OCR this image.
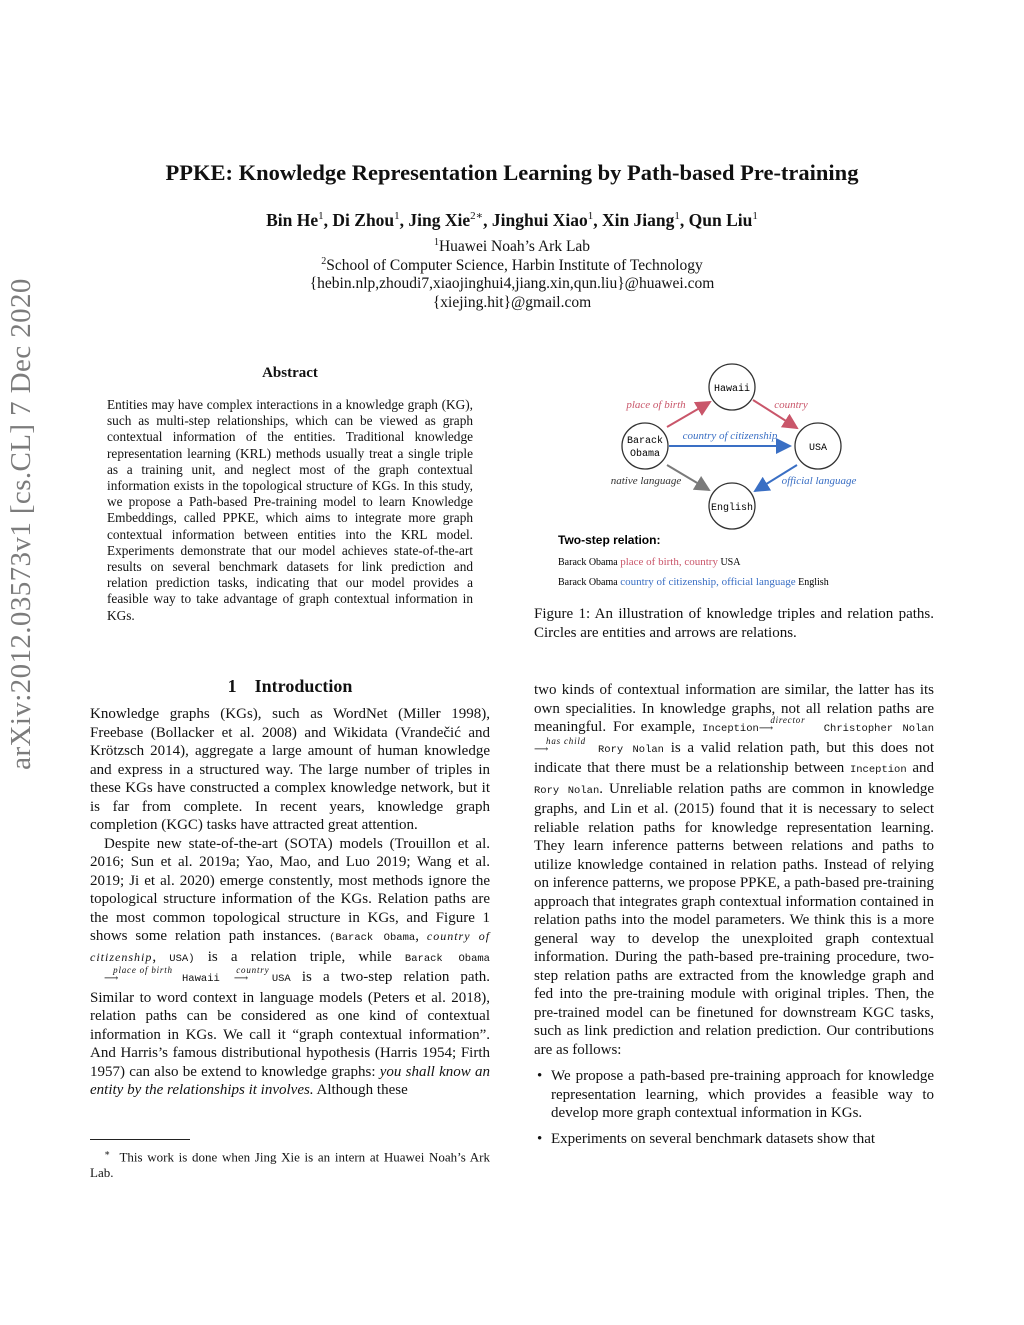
arXiv:2012.03573v1 [cs.CL] 7 Dec 2020
PPKE: Knowledge Representation Learning by Path-based Pre-training
Bin He$^1$, Di Zhou$^1$, Jing Xie$^{2∗}$, Jinghui Xiao$^1$, Xin Jiang$^1$, Qun Liu$^1$
$^1$Huawei Noah’s Ark Lab
$^2$School of Computer Science, Harbin Institute of Technology
{hebin.nlp,zhoudi7,xiaojinghui4,jiang.xin,qun.liu}@huawei.com
{xiejing.hit}@gmail.com
Abstract
Entities may have complex interactions in a knowledge graph (KG), such as multi-step relationships, which can be viewed as graph contextual information of the entities. Traditional knowledge representation learning (KRL) methods usually treat a single triple as a training unit, and neglect most of the graph contextual information exists in the topological structure of KGs. In this study, we propose a Path-based Pre-training model to learn Knowledge Embeddings, called PPKE, which aims to integrate more graph contextual information between entities into the KRL model. Experiments demonstrate that our model achieves state-of-the-art results on several benchmark datasets for link prediction and relation prediction tasks, indicating that our model provides a feasible way to take advantage of graph contextual information in KGs.
1 Introduction

Knowledge graphs (KGs), such as WordNet (Miller 1998), Freebase (Bollacker et al. 2008) and Wikidata (Vrandečić and Krötzsch 2014), aggregate a large amount of human knowledge and express in a structured way. The large number of triples in these KGs have constructed a complex knowledge network, but it is far from complete. In recent years, knowledge graph completion (KGC) tasks have attracted great attention.

Despite new state-of-the-art (SOTA) models (Trouillon et al. 2016; Sun et al. 2019a; Yao, Mao, and Luo 2019; Wang et al. 2019; Ji et al. 2020) emerge constently, most methods ignore the topological structure information of the KGs. Relation paths are the most common topological structure in KGs, and Figure 1 shows some relation path instances. (Barack Obama, country of citizenship, USA) is a relation triple, while Barack Obama
place of birth
⟶	Hawaii
country
⟶ USA is a two-step relation path. Similar to word context in language models (Peters et al. 2018), relation paths can be considered as one kind of contextual information in KGs. We call it “graph contextual information”. And Harris’s famous distributional hypothesis (Harris 1954; Firth 1957) can also be extend to knowledge graphs: you shall know an entity by the relationships it involves. Although these

∗ This work is done when Jing Xie is an intern at Huawei Noah’s Ark Lab.
Hawaii
Barack
Obama
USA
English
place of birth	country
country of citizenship
native language	official language
Two-step relation:
Barack Obama place of birth, country USA
Barack Obama country of citizenship, official language English
Figure 1: An illustration of knowledge triples and relation paths. Circles are entities and arrows are relations.

two kinds of contextual information are similar, the latter has its own specialities. In knowledge graphs, not all relation paths are meaningful. For example, Inception
director
⟶	Christopher Nolan
has child
⟶	Rory Nolan is a valid relation path, but this does not indicate that there must be a relationship between Inception and Rory Nolan. Unreliable relation paths are common in knowledge graphs, and Lin et al. (2015) found that it is necessary to select reliable relation paths for knowledge representation learning. They learn inference patterns between relations and paths to utilize knowledge contained in relation paths. Instead of relying on inference patterns, we propose PPKE, a path-based pre-training approach that integrates graph contextual information contained in relation paths into the model parameters. We think this is a more general way to develop the unexploited graph contextual information. During the path-based pre-training procedure, two-step relation paths are extracted from the knowledge graph and fed into the pre-training module with original triples. Then, the pre-trained model can be finetuned for downstream KGC tasks, such as link prediction and relation prediction. Our contributions are as follows:

• We propose a path-based pre-training approach for knowledge representation learning, which provides a feasible way to develop more graph contextual information in KGs.
• Experiments on several benchmark datasets show that
